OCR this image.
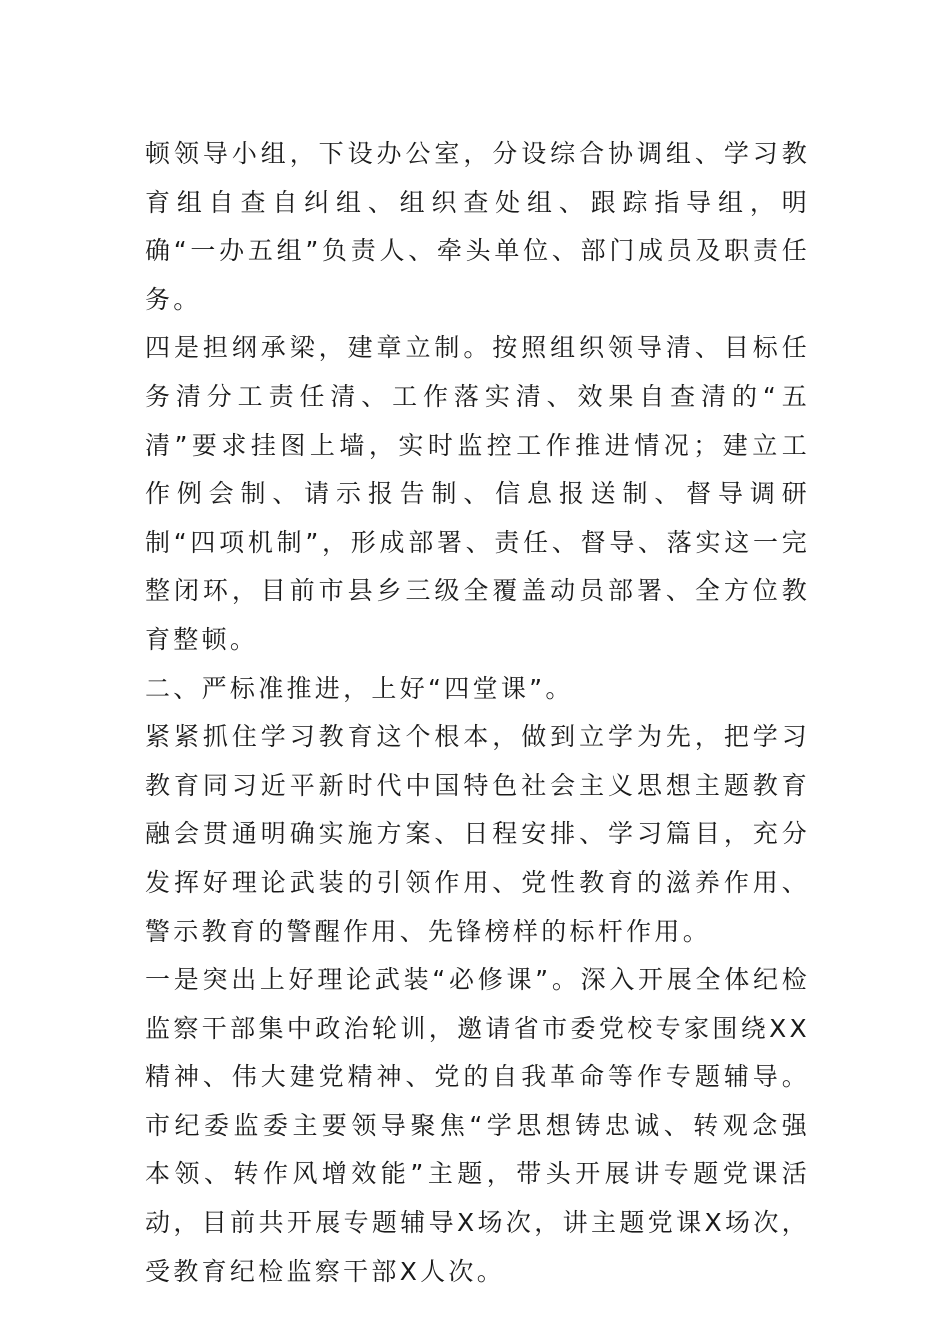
顿领导小组，下设办公室，分设综合协调组、学习教育组自查自纠组、组织查处组、跟踪指导组，明确“一办五组”负责人、牵头单位、部门成员及职责任务。

四是担纲承梁，建章立制。按照组织领导清、目标任务清分工责任清、工作落实清、效果自查清的“五清”要求挂图上墙，实时监控工作推进情况；建立工作例会制、请示报告制、信息报送制、督导调研制“四项机制”，形成部署、责任、督导、落实这一完整闭环，目前市县乡三级全覆盖动员部署、全方位教育整顿。

二、严标准推进，上好“四堂课”。

紧紧抓住学习教育这个根本，做到立学为先，把学习教育同习近平新时代中国特色社会主义思想主题教育融会贯通明确实施方案、日程安排、学习篇目，充分发挥好理论武装的引领作用、党性教育的滋养作用、警示教育的警醒作用、先锋榜样的标杆作用。

一是突出上好理论武装“必修课”。深入开展全体纪检监察干部集中政治轮训，邀请省市委党校专家围绕XX精神、伟大建党精神、党的自我革命等作专题辅导。市纪委监委主要领导聚焦“学思想铸忠诚、转观念强本领、转作风增效能”主题，带头开展讲专题党课活动，目前共开展专题辅导X场次，讲主题党课X场次，受教育纪检监察干部X人次。
